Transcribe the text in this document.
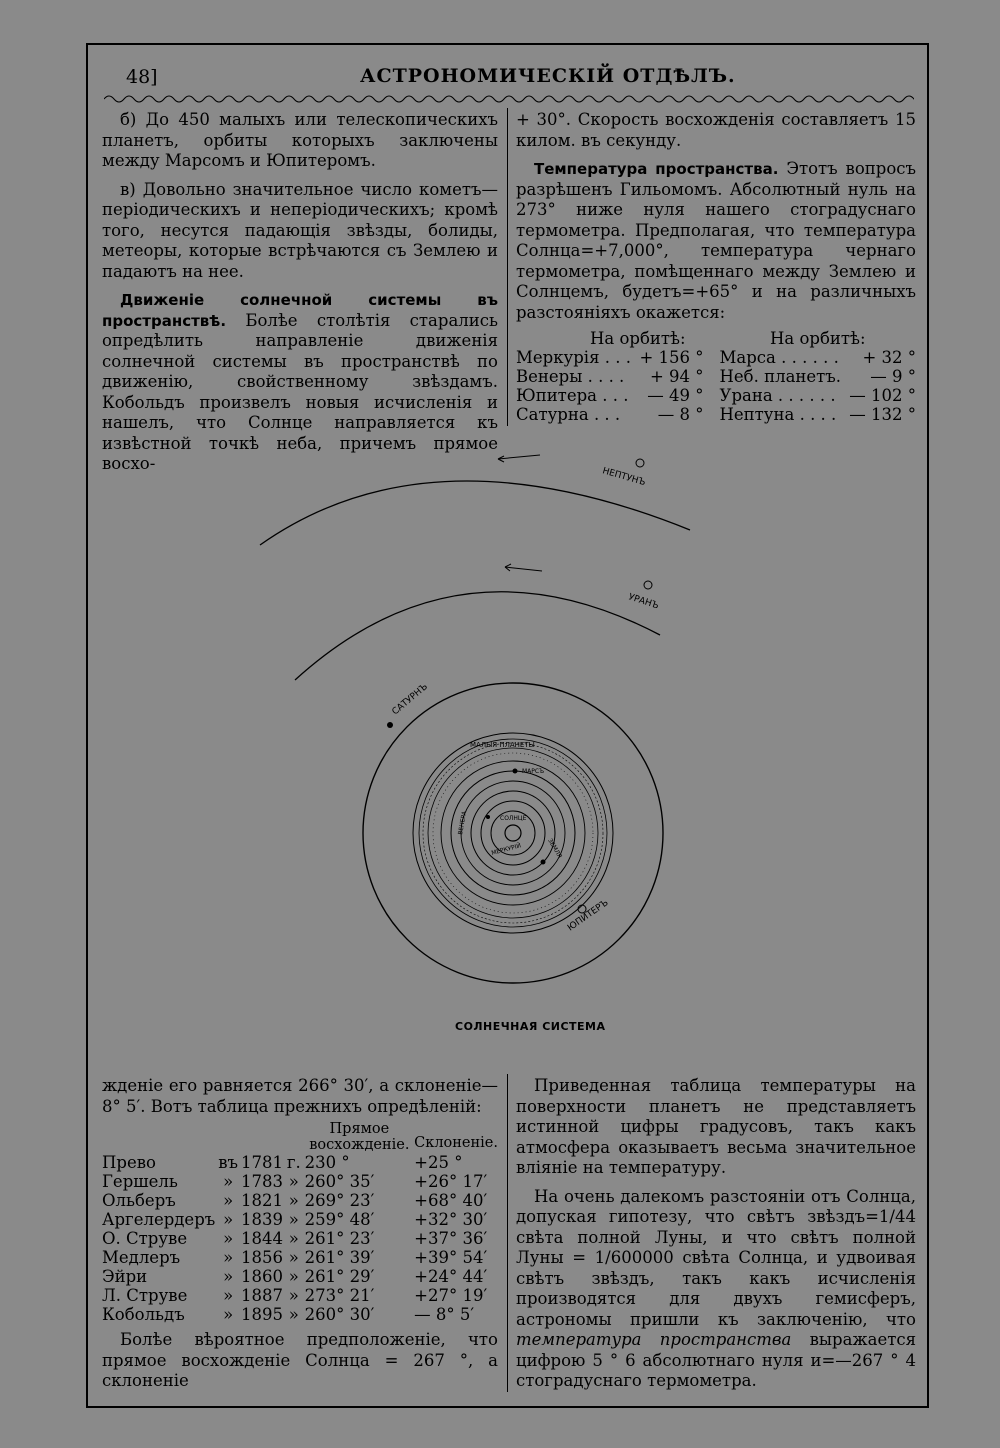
48]	АСТРОНОМИЧЕСКІЙ ОТДѢЛЪ.

б) До 450 малыхъ или телескопическихъ планетъ, орбиты которыхъ заключены между Марсомъ и Юпитеромъ.

в) Довольно значительное число кометъ— періодическихъ и непеpiодическихъ; кромѣ того, несутся падающія звѣзды, болиды, метеоры, которые встрѣчаются съ Землею и падаютъ на нее.

Движеніе солнечной системы въ пространствѣ. Болѣе столѣтія старались опредѣлить направленіе движенія солнечной системы въ пространствѣ по движенію, свойственному звѣздамъ. Кобольдъ произвелъ новыя исчисленія и нашелъ, что Солнце направляется къ извѣстной точкѣ неба, причемъ прямое восхо-

+ 30°. Скорость восхожденія составляетъ 15 килом. въ секунду.

Температура пространства. Этотъ вопросъ разрѣшенъ Гильомомъ. Абсолютный нуль на 273° ниже нуля нашего стоградуснаго термометра. Предполагая, что температура Солнца=+7,000°, температура чернаго термометра, помѣщеннаго между Землею и Солнцемъ, будетъ=+65° и на различныхъ разстояніяхъ окажется:

На орбитѣ:		На орбитѣ:	
Меркурія . . .	+ 156 °	Марса . . . . . .	+ 32 °
Венеры . . . .	+ 94 °	Неб. планетъ.	— 9 °
Юпитера . . .	— 49 °	Урана . . . . . .	— 102 °
Сатурна . . .	— 8 °	Нептуна . . . .	— 132 °
НЕПТУНЪ
УРАНЪ
САТУРНЪ
ЮПИТЕРЪ
МАРСЪ
МАЛЫЯ ПЛАНЕТЫ
СОЛНЦЕ
МЕРКУРІЙ
ВЕНЕРА
ЗЕМЛЯ
СОЛНЕЧНАЯ СИСТЕМА

жденіе его равняется 266° 30′, а склоненіе— 8° 5′. Вотъ таблица прежнихъ опредѣленій:

				Прямое восхожденіе.	Склоненіе.
Прево	въ	1781	г.	230 °	+25 °
Гершель	»	1783	»	260° 35′	+26° 17′
Ольберъ	»	1821	»	269° 23′	+68° 40′
Аргелердеръ	»	1839	»	259° 48′	+32° 30′
О. Струве	»	1844	»	261° 23′	+37° 36′
Медлеръ	»	1856	»	261° 39′	+39° 54′
Эйри	»	1860	»	261° 29′	+24° 44′
Л. Струве	»	1887	»	273° 21′	+27° 19′
Кобольдъ	»	1895	»	260° 30′	— 8° 5′

Болѣе вѣроятное предположеніе, что прямое восхожденіе Солнца = 267 °, а склоненіе

Приведенная таблица температуры на поверхности планетъ не представляетъ истинной цифры градусовъ, такъ какъ атмосфера оказываетъ весьма значительное вліяніе на температуру.

На очень далекомъ разстояніи отъ Солнца, допуская гипотезу, что свѣтъ звѣздъ=1/44 свѣта полной Луны, и что свѣтъ полной Луны = 1/600000 свѣта Солнца, и удвоивая свѣтъ звѣздъ, такъ какъ исчисленія производятся для двухъ гемисферъ, астрономы пришли къ заключенію, что температура пространства выражается цифрою 5 ° 6 абсолютнаго нуля и=—267 ° 4 стоградуснаго термометра.
